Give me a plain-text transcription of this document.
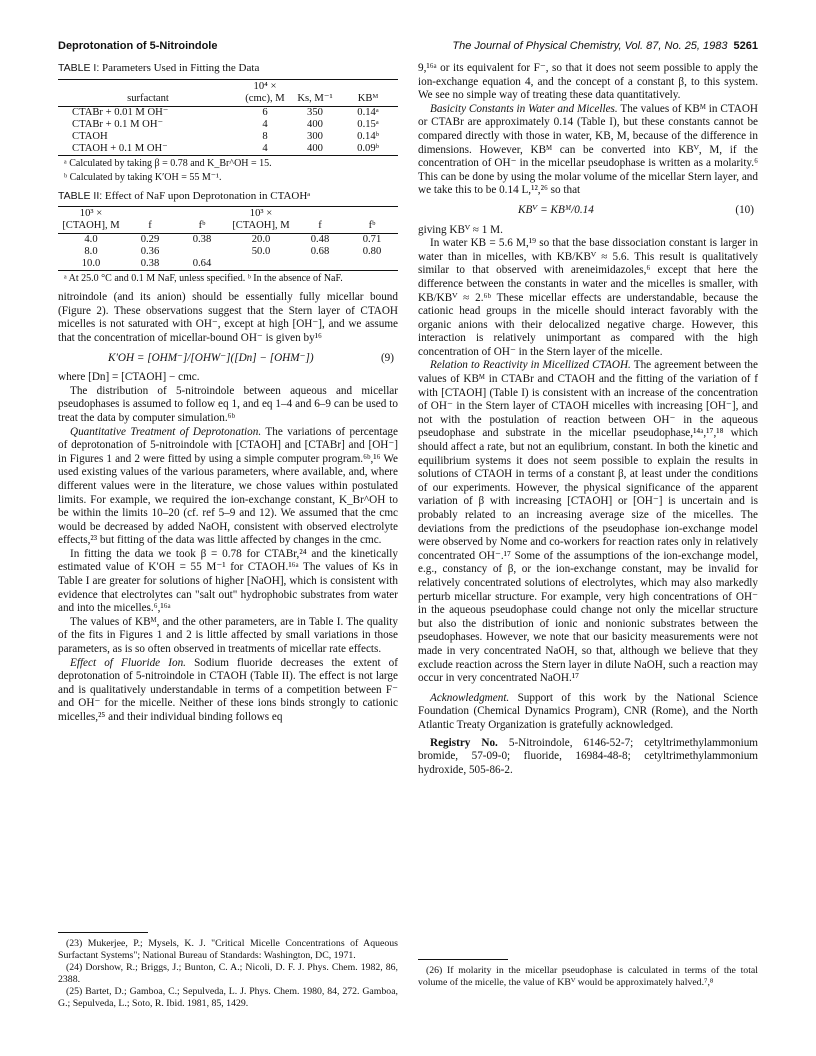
Deprotonation of 5-Nitroindole	The Journal of Physical Chemistry, Vol. 87, No. 25, 1983 5261
TABLE I: Parameters Used in Fitting the Data
surfactant	10⁴ × (cmc), M	Ks, M⁻¹	KBᴹ
CTABr + 0.01 M OH⁻	6	350	0.14ᵃ
CTABr + 0.1 M OH⁻	4	400	0.15ᵃ
CTAOH	8	300	0.14ᵇ
CTAOH + 0.1 M OH⁻	4	400	0.09ᵇ
ᵃ Calculated by taking β = 0.78 and K_Br^OH = 15.
ᵇ Calculated by taking K′OH = 55 M⁻¹.
TABLE II: Effect of NaF upon Deprotonation in CTAOHᵃ
10³ × [CTAOH], M	f	fᵇ	10³ × [CTAOH], M	f	fᵇ
4.0	0.29	0.38	20.0	0.48	0.71
8.0	0.36		50.0	0.68	0.80
10.0	0.38	0.64			
ᵃ At 25.0 °C and 0.1 M NaF, unless specified. ᵇ In the absence of NaF.

nitroindole (and its anion) should be essentially fully micellar bound (Figure 2). These observations suggest that the Stern layer of CTAOH micelles is not saturated with OH⁻, except at high [OH⁻], and we assume that the concentration of micellar-bound OH⁻ is given by¹⁶

K′OH = [OHM⁻]/[OHW⁻]([Dn] − [OHM⁻])	(9)

where [Dn] = [CTAOH] − cmc.

The distribution of 5-nitroindole between aqueous and micellar pseudophases is assumed to follow eq 1, and eq 1–4 and 6–9 can be used to treat the data by computer simulation.⁶ᵇ

Quantitative Treatment of Deprotonation. The variations of percentage of deprotonation of 5-nitroindole with [CTAOH] and [CTABr] and [OH⁻] in Figures 1 and 2 were fitted by using a simple computer program.⁶ᵇ,¹⁶ We used existing values of the various parameters, where available, and, where different values were in the literature, we chose values within postulated limits. For example, we required the ion-exchange constant, K_Br^OH to be within the limits 10–20 (cf. ref 5–9 and 12). We assumed that the cmc would be decreased by added NaOH, consistent with observed electrolyte effects,²³ but fitting of the data was little affected by changes in the cmc.

In fitting the data we took β = 0.78 for CTABr,²⁴ and the kinetically estimated value of K′OH = 55 M⁻¹ for CTAOH.¹⁶ᵃ The values of Ks in Table I are greater for solutions of higher [NaOH], which is consistent with evidence that electrolytes can "salt out" hydrophobic substrates from water and into the micelles.⁶,¹⁶ᵃ

The values of KBᴹ, and the other parameters, are in Table I. The quality of the fits in Figures 1 and 2 is little affected by small variations in those parameters, as is so often observed in treatments of micellar rate effects.

Effect of Fluoride Ion. Sodium fluoride decreases the extent of deprotonation of 5-nitroindole in CTAOH (Table II). The effect is not large and is qualitatively understandable in terms of a competition between F⁻ and OH⁻ for the micelle. Neither of these ions binds strongly to cationic micelles,²⁵ and their individual binding follows eq

9,¹⁶ᵃ or its equivalent for F⁻, so that it does not seem possible to apply the ion-exchange equation 4, and the concept of a constant β, to this system. We see no simple way of treating these data quantitatively.

Basicity Constants in Water and Micelles. The values of KBᴹ in CTAOH or CTABr are approximately 0.14 (Table I), but these constants cannot be compared directly with those in water, KB, M, because of the difference in dimensions. However, KBᴹ can be converted into KBⱽ, M, if the concentration of OH⁻ in the micellar pseudophase is written as a molarity.⁶ This can be done by using the molar volume of the micellar Stern layer, and we take this to be 0.14 L,¹²,²⁶ so that

KBⱽ = KBᴹ/0.14	(10)

giving KBⱽ ≈ 1 M.

In water KB = 5.6 M,¹⁹ so that the base dissociation constant is larger in water than in micelles, with KB/KBⱽ ≈ 5.6. This result is qualitatively similar to that observed with areneimidazoles,⁶ except that here the difference between the constants in water and the micelles is smaller, with KB/KBⱽ ≈ 2.⁶ᵇ These micellar effects are understandable, because the cationic head groups in the micelle should interact favorably with the organic anions with their delocalized negative charge. However, this interaction is relatively unimportant as compared with the high concentration of OH⁻ in the Stern layer of the micelle.

Relation to Reactivity in Micellized CTAOH. The agreement between the values of KBᴹ in CTABr and CTAOH and the fitting of the variation of f with [CTAOH] (Table I) is consistent with an increase of the concentration of OH⁻ in the Stern layer of CTAOH micelles with increasing [OH⁻], and not with the postulation of reaction between OH⁻ in the aqueous pseudophase and substrate in the micellar pseudophase,¹⁴ᵃ,¹⁷,¹⁸ which should affect a rate, but not an equlibrium, constant. In both the kinetic and equilibrium systems it does not seem possible to explain the results in solutions of CTAOH in terms of a constant β, at least under the conditions of our experiments. However, the physical significance of the apparent variation of β with increasing [CTAOH] or [OH⁻] is uncertain and is probably related to an increasing average size of the micelles. The deviations from the predictions of the pseudophase ion-exchange model were observed by Nome and co-workers for reaction rates only in relatively concentrated OH⁻.¹⁷ Some of the assumptions of the ion-exchange model, e.g., constancy of β, or the ion-exchange constant, may be invalid for relatively concentrated solutions of electrolytes, which may also markedly perturb micellar structure. For example, very high concentrations of OH⁻ in the aqueous pseudophase could change not only the micellar structure but also the distribution of ionic and nonionic substrates between the pseudophases. However, we note that our basicity measurements were not made in very concentrated NaOH, so that, although we believe that they exclude reaction across the Stern layer in dilute NaOH, such a reaction may occur in very concentrated NaOH.¹⁷

Acknowledgment. Support of this work by the National Science Foundation (Chemical Dynamics Program), CNR (Rome), and the North Atlantic Treaty Organization is gratefully acknowledged.

Registry No. 5-Nitroindole, 6146-52-7; cetyltrimethylammonium bromide, 57-09-0; fluoride, 16984-48-8; cetyltrimethylammonium hydroxide, 505-86-2.

(23) Mukerjee, P.; Mysels, K. J. "Critical Micelle Concentrations of Aqueous Surfactant Systems"; National Bureau of Standards: Washington, DC, 1971.

(24) Dorshow, R.; Briggs, J.; Bunton, C. A.; Nicoli, D. F. J. Phys. Chem. 1982, 86, 2388.

(25) Bartet, D.; Gamboa, C.; Sepulveda, L. J. Phys. Chem. 1980, 84, 272. Gamboa, G.; Sepulveda, L.; Soto, R. Ibid. 1981, 85, 1429.

(26) If molarity in the micellar pseudophase is calculated in terms of the total volume of the micelle, the value of KBⱽ would be approximately halved.⁷,⁸
